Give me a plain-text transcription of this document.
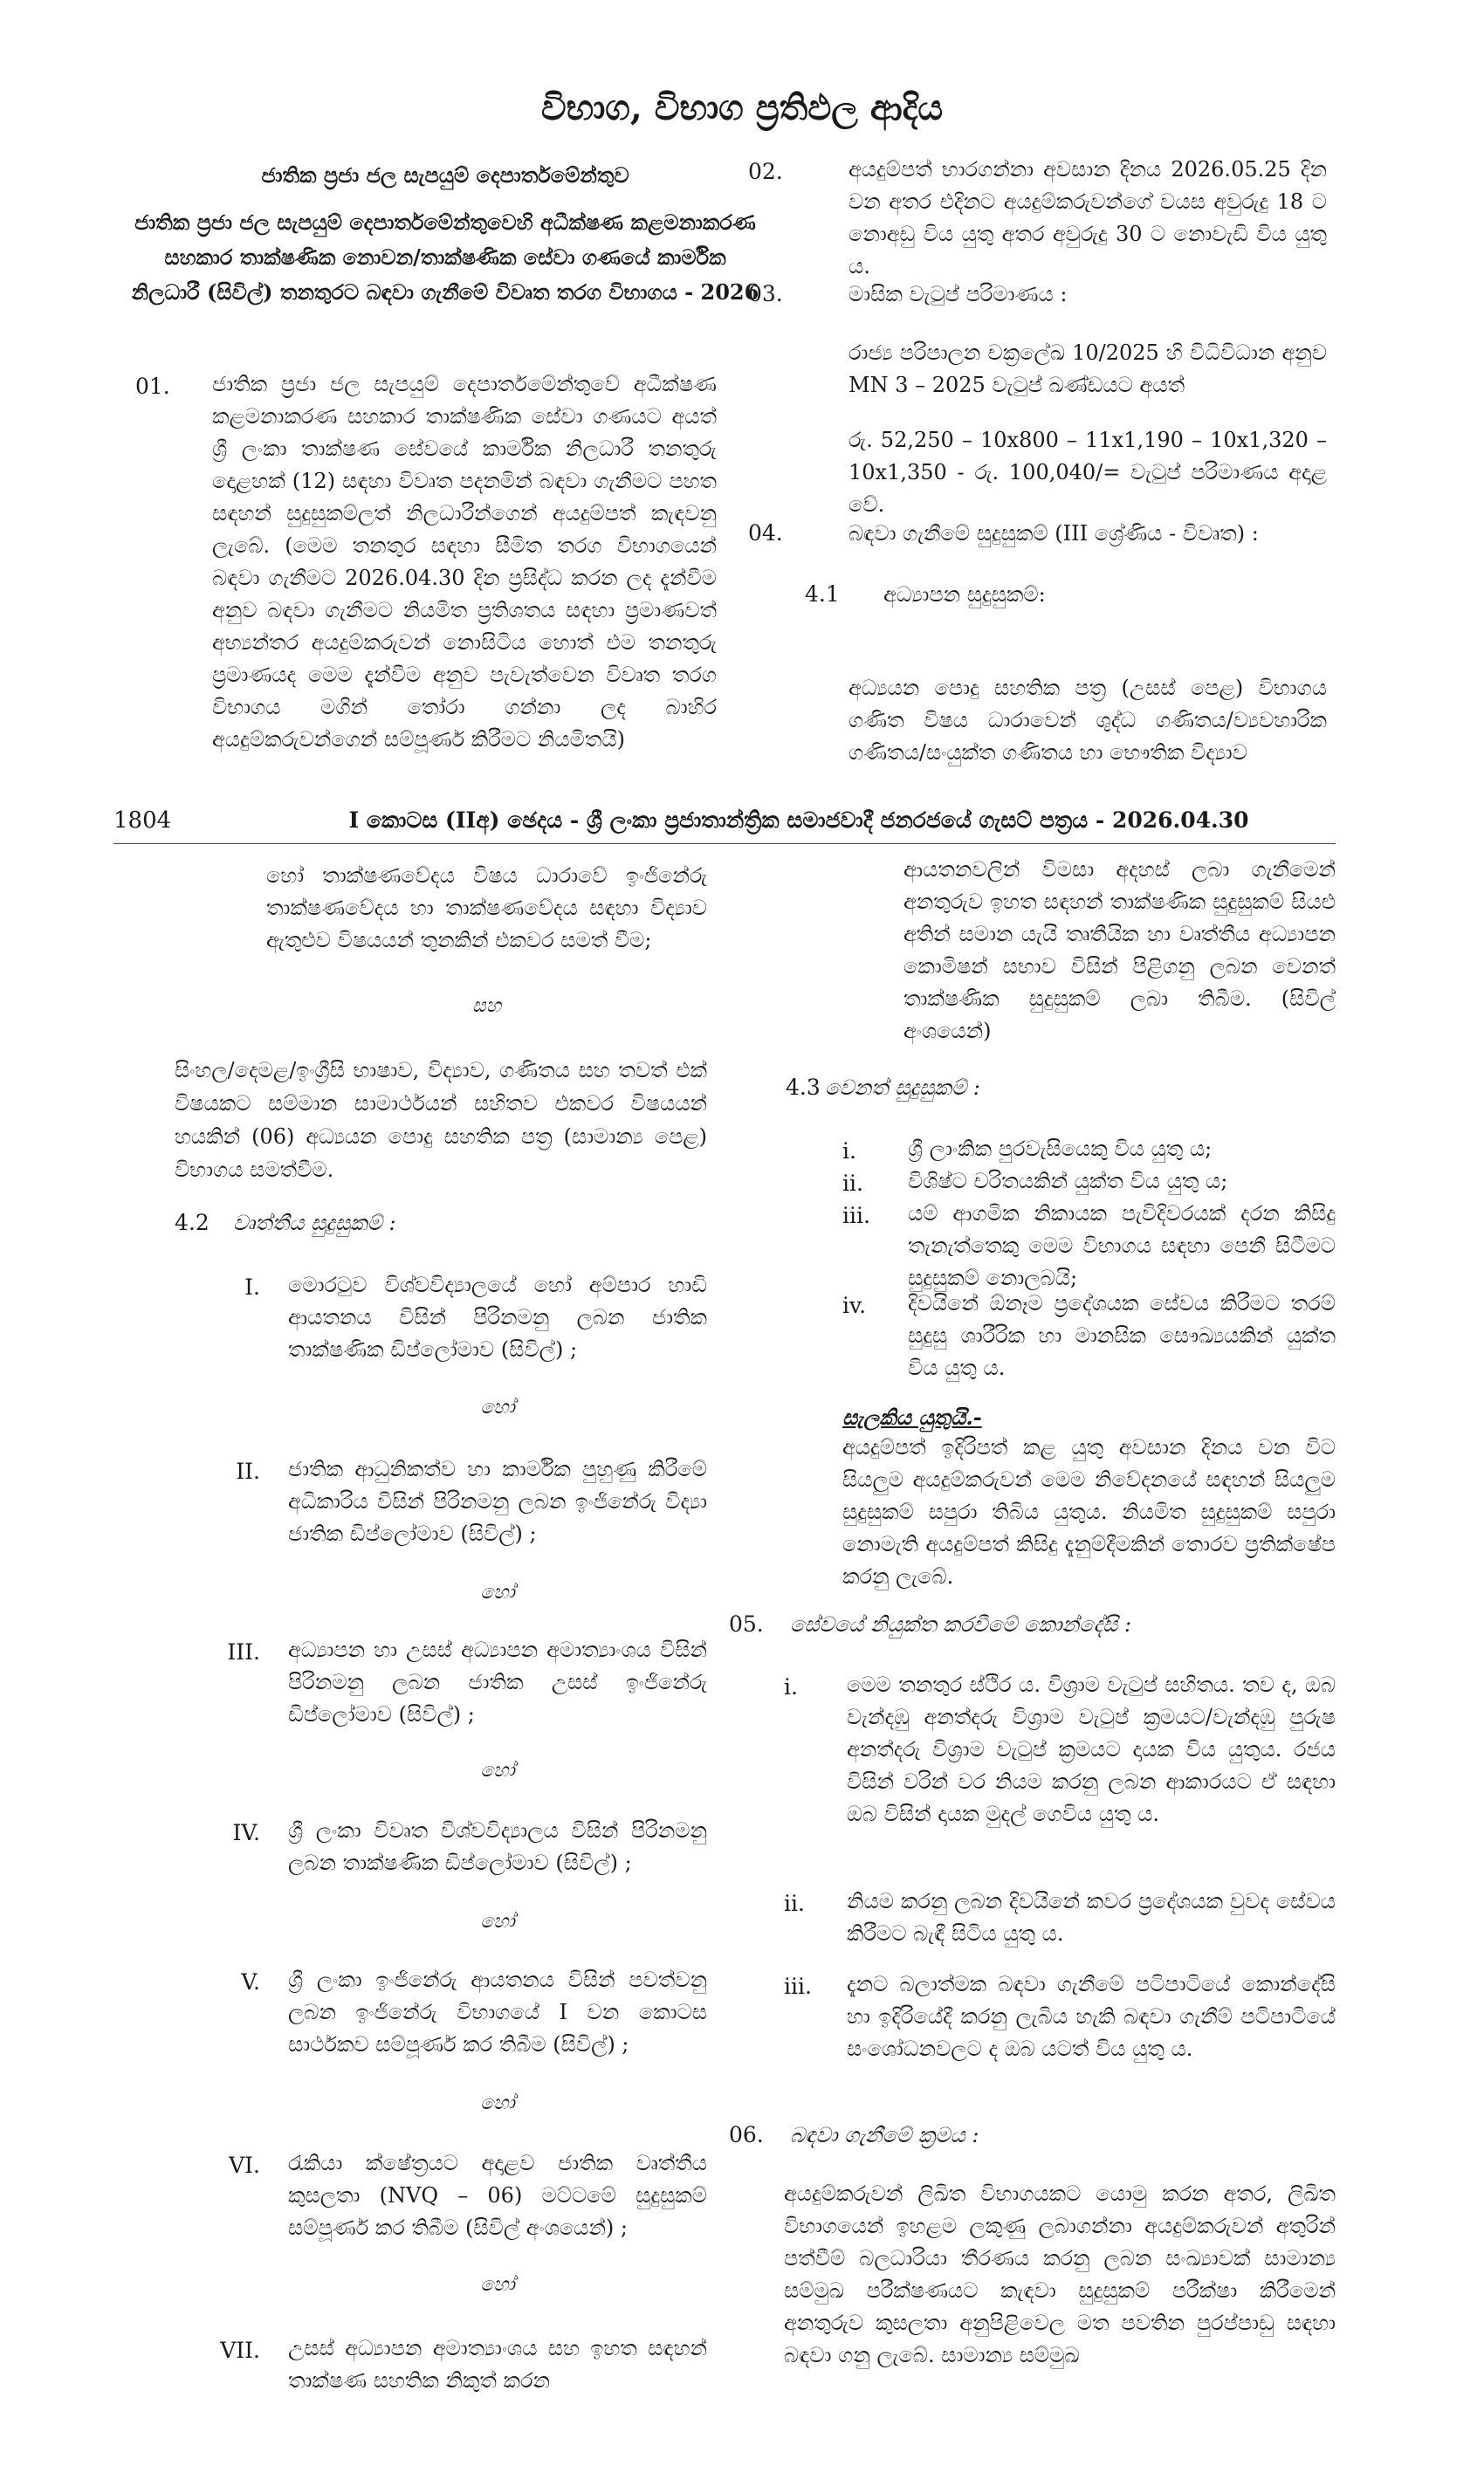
විභාග, විභාග ප්‍රතිඵල ආදිය
ජාතික ප්‍රජා ජල සැපයුම් දෙපාර්තමේන්තුව
ජාතික ප්‍රජා ජල සැපයුම් දෙපාර්තමේන්තුවෙහි අධීක්ෂණ කළමනාකරණ සහකාර තාක්ෂණික නොවන/තාක්ෂණික සේවා ගණයේ කාර්මික නිලධාරී (සිවිල්) තනතුරට බඳවා ගැනීමේ විවෘත තරග විභාගය - 2026
01. ජාතික ප්‍රජා ජල සැපයුම් දෙපාර්තමේන්තුවේ අධීක්ෂණ කළමනාකරණ සහකාර තාක්ෂණික සේවා ගණයට අයත් ශ්‍රී ලංකා තාක්ෂණ සේවයේ කාර්මික නිලධාරී තනතුරු දොළහක් (12) සඳහා විවෘත පදනමින් බඳවා ගැනීමට පහත සඳහන් සුදුසුකම්ලත් නිලධාරීන්ගෙන් අයදුම්පත් කැඳවනු ලැබේ. (මෙම තනතුර සඳහා සීමිත තරග විභාගයෙන් බඳවා ගැනීමට 2026.04.30 දින ප්‍රසිද්ධ කරන ලද දැන්වීම අනුව බඳවා ගැනීමට නියමිත ප්‍රතිශතය සඳහා ප්‍රමාණවත් අභ්‍යන්තර අයදුම්කරුවන් නොසිටිය හොත් එම තනතුරු ප්‍රමාණයද මෙම දැන්වීම අනුව පැවැත්වෙන විවෘත තරග විභාගය මගින් තෝරා ගන්නා ලද බාහිර අයදුම්කරුවන්ගෙන් සම්පූර්ණ කිරීමට නියමිතයි)
02.	අයදුම්පත් භාරගන්නා අවසාන දිනය 2026.05.25 දින වන අතර එදිනට අයදුම්කරුවන්ගේ වයස අවුරුදු 18 ට නොඅඩු විය යුතු අතර අවුරුදු 30 ට නොවැඩි විය යුතු ය.
03.	මාසික වැටුප් පරිමාණය :
රාජ්‍ය පරිපාලන චක්‍රලේඛ 10/2025 හි විධිවිධාන අනුව MN 3 – 2025 වැටුප් ඛණ්ඩයට අයත්
රු. 52,250 – 10x800 – 11x1,190 – 10x1,320 – 10x1,350 - රු. 100,040/= වැටුප් පරිමාණය අදාළ වේ.
04.	බඳවා ගැනීමේ සුදුසුකම් (III ශ්‍රේණිය - විවෘත) :
4.1 අධ්‍යාපන සුදුසුකම්:
අධ්‍යයන පොදු සහතික පත්‍ර (උසස් පෙළ) විභාගය ගණිත විෂය ධාරාවෙන් ශුද්ධ ගණිතය/ව්‍යවහාරික ගණිතය/සංයුක්ත ගණිතය හා භෞතික විද්‍යාව
1804	I කොටස (IIඅ) ඡෙදය - ශ්‍රී ලංකා ප්‍රජාතාන්ත්‍රික සමාජවාදී ජනරජයේ ගැසට් පත්‍රය - 2026.04.30
හෝ තාක්ෂණවේදය විෂය ධාරාවේ ඉංජිනේරු තාක්ෂණවේදය හා තාක්ෂණවේදය සඳහා විද්‍යාව ඇතුළුව විෂයයන් තුනකින් එකවර සමත් වීම;
සහ
සිංහල/දෙමළ/ඉංග්‍රීසි භාෂාව, විද්‍යාව, ගණිතය සහ තවත් එක් විෂයකට සම්මාන සාමාර්ථයන් සහිතව එකවර විෂයයන් හයකින් (06) අධ්‍යයන පොදු සහතික පත්‍ර (සාමාන්‍ය පෙළ) විභාගය සමත්වීම.
4.2 වෘත්තීය සුදුසුකම් :
I. මොරටුව විශ්වවිද්‍යාලයේ හෝ අම්පාර හාඩි ආයතනය විසින් පිරිනමනු ලබන ජාතික තාක්ෂණික ඩිප්ලෝමාව (සිවිල්) ;
හෝ
II. ජාතික ආධුනිකත්ව හා කාර්මික පුහුණු කිරීමේ අධිකාරිය විසින් පිරිනමනු ලබන ඉංජිනේරු විද්‍යා ජාතික ඩිප්ලෝමාව (සිවිල්) ;
හෝ
III. අධ්‍යාපන හා උසස් අධ්‍යාපන අමාත්‍යාංශය විසින් පිරිනමනු ලබන ජාතික උසස් ඉංජිනේරු ඩිප්ලෝමාව (සිවිල්) ;
හෝ
IV. ශ්‍රී ලංකා විවෘත විශ්වවිද්‍යාලය විසින් පිරිනමනු ලබන තාක්ෂණික ඩිප්ලෝමාව (සිවිල්) ;
හෝ
V. ශ්‍රී ලංකා ඉංජිනේරු ආයතනය විසින් පවත්වනු ලබන ඉංජිනේරු විභාගයේ I වන කොටස සාර්ථකව සම්පූර්ණ කර තිබීම (සිවිල්) ;
හෝ
VI. රැකියා ක්ෂේත්‍රයට අදාළව ජාතික වෘත්තීය කුසලතා (NVQ – 06) මට්ටමේ සුදුසුකම් සම්පූර්ණ කර තිබීම (සිවිල් අංශයෙන්) ;
හෝ
VII. උසස් අධ්‍යාපන අමාත්‍යාංශය සහ ඉහත සඳහන් තාක්ෂණ සහතික නිකුත් කරන
ආයතනවලින් විමසා අදහස් ලබා ගැනීමෙන් අනතුරුව ඉහත සඳහන් තාක්ෂණික සුදුසුකම් සියළු අතින් සමාන යැයි තෘතීයික හා වෘත්තීය අධ්‍යාපන කොමිෂන් සභාව විසින් පිළිගනු ලබන වෙනත් තාක්ෂණික සුදුසුකම් ලබා තිබීම. (සිවිල් අංශයෙන්)
4.3 වෙනත් සුදුසුකම් :
i. ශ්‍රී ලාංකික පුරවැසියෙකු විය යුතු ය;
ii. විශිෂ්ට චරිතයකින් යුක්ත විය යුතු ය;
iii. යම් ආගමික නිකායක පැවිදිවරයක් දරන කිසිදු තැනැත්තෙකු මෙම විභාගය සඳහා පෙනී සිටීමට සුදුසුකම් නොලබයි;
iv. දිවයිනේ ඕනෑම ප්‍රදේශයක සේවය කිරීමට තරම් සුදුසු ශාරීරික හා මානසික සෞඛ්‍යයකින් යුක්ත විය යුතු ය.
සැලකිය යුතුයි.-
අයදුම්පත් ඉදිරිපත් කළ යුතු අවසාන දිනය වන විට සියලුම අයදුම්කරුවන් මෙම නිවේදනයේ සඳහන් සියලුම සුදුසුකම් සපුරා තිබිය යුතුය. නියමිත සුදුසුකම් සපුරා නොමැති අයදුම්පත් කිසිදු දැනුම්දීමකින් තොරව ප්‍රතික්ෂේප කරනු ලැබේ.
05. සේවයේ නියුක්ත කරවීමේ කොන්දේසි :
i. මෙම තනතුර ස්ථිර ය. විශ්‍රාම වැටුප් සහිතය. තව ද, ඔබ වැන්දඹු අනත්දරු විශ්‍රාම වැටුප් ක්‍රමයට/වැන්දඹු පුරුෂ අනත්දරු විශ්‍රාම වැටුප් ක්‍රමයට දායක විය යුතුය. රජය විසින් වරින් වර නියම කරනු ලබන ආකාරයට ඒ සඳහා ඔබ විසින් දායක මුදල් ගෙවිය යුතු ය.
ii. නියම කරනු ලබන දිවයිනේ කවර ප්‍රදේශයක වුවද සේවය කිරීමට බැඳී සිටිය යුතු ය.
iii. දැනට බලාත්මක බඳවා ගැනීමේ පටිපාටියේ කොන්දේසි හා ඉදිරියේදී කරනු ලැබිය හැකි බඳවා ගැනීම් පටිපාටියේ සංශෝධනවලට ද ඔබ යටත් විය යුතු ය.
06. බඳවා ගැනීමේ ක්‍රමය :
අයදුම්කරුවන් ලිඛිත විභාගයකට යොමු කරන අතර, ලිඛිත විභාගයෙන් ඉහළම ලකුණු ලබාගන්නා අයදුම්කරුවන් අතුරින් පත්වීම් බලධාරියා තීරණය කරනු ලබන සංඛ්‍යාවක් සාමාන්‍ය සම්මුඛ පරීක්ෂණයට කැඳවා සුදුසුකම් පරීක්ෂා කිරීමෙන් අනතුරුව කුසලතා අනුපිළිවෙල මත පවතින පුරප්පාඩු සඳහා බඳවා ගනු ලැබේ. සාමාන්‍ය සම්මුඛ
